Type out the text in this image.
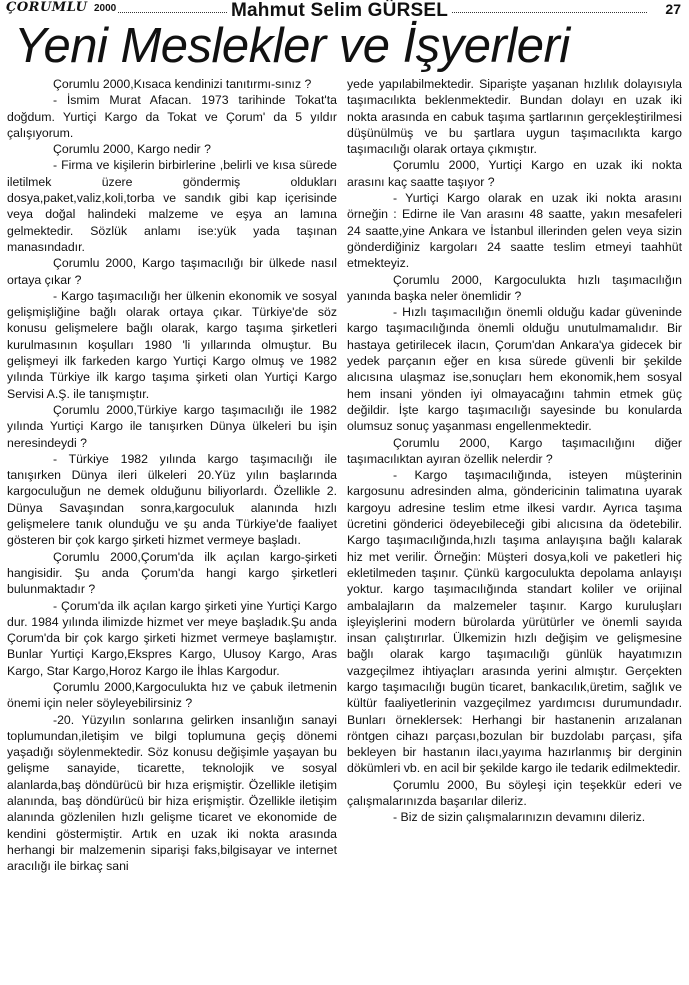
ÇORUMLU 2000	Mahmut Selim GÜRSEL	27
Yeni Meslekler ve İşyerleri

Çorumlu 2000,Kısaca kendinizi tanıtırmı-sınız ?

- İsmim Murat Afacan. 1973 tarihinde Tokat'ta doğdum. Yurtiçi Kargo da Tokat ve Çorum' da 5 yıldır çalışıyorum.

Çorumlu 2000, Kargo nedir ?

- Firma ve kişilerin birbirlerine ,belirli ve kısa sürede iletilmek üzere göndermiş oldukları dosya,paket,valiz,koli,torba ve sandık gibi kap içerisinde veya doğal halindeki malzeme ve eşya an lamına gelmektedir. Sözlük anlamı ise:yük yada taşınan manasındadır.

Çorumlu 2000, Kargo taşımacılığı bir ülkede nasıl ortaya çıkar ?

- Kargo taşımacılığı her ülkenin ekonomik ve sosyal gelişmişliğine bağlı olarak ortaya çıkar. Türkiye'de söz konusu gelişmelere bağlı olarak, kargo taşıma şirketleri kurulmasının koşulları 1980 'li yıllarında olmuştur. Bu gelişmeyi ilk farkeden kargo Yurtiçi Kargo olmuş ve 1982 yılında Türkiye ilk kargo taşıma şirketi olan Yurtiçi Kargo Servisi A.Ş. ile tanışmıştır.

Çorumlu 2000,Türkiye kargo taşımacılığı ile 1982 yılında Yurtiçi Kargo ile tanışırken Dünya ülkeleri bu işin neresindeydi ?

- Türkiye 1982 yılında kargo taşımacılığı ile tanışırken Dünya ileri ülkeleri 20.Yüz yılın başlarında kargoculuğun ne demek olduğunu biliyorlardı. Özellikle 2. Dünya Savaşından sonra,kargoculuk alanında hızlı gelişmelere tanık olunduğu ve şu anda Türkiye'de faaliyet gösteren bir çok kargo şirketi hizmet vermeye başladı.

Çorumlu 2000,Çorum'da ilk açılan kargo-şirketi hangisidir. Şu anda Çorum'da hangi kargo şirketleri bulunmaktadır ?

- Çorum'da ilk açılan kargo şirketi yine Yurtiçi Kargo dur. 1984 yılında ilimizde hizmet ver meye başladık.Şu anda Çorum'da bir çok kargo şirketi hizmet vermeye başlamıştır. Bunlar Yurtiçi Kargo,Ekspres Kargo, Ulusoy Kargo, Aras Kargo, Star Kargo,Horoz Kargo ile İhlas Kargodur.

Çorumlu 2000,Kargoculukta hız ve çabuk iletmenin önemi için neler söyleyebilirsiniz ?

-20. Yüzyılın sonlarına gelirken insanlığın sanayi toplumundan,iletişim ve bilgi toplumuna geçiş dönemi yaşadığı söylenmektedir. Söz konusu değişimle yaşayan bu gelişme sanayide, ticarette, teknolojik ve sosyal alanlarda,baş döndürücü bir hıza erişmiştir. Özellikle iletişim alanında, baş döndürücü bir hiza erişmiştir. Özellikle iletişim alanında gözlenilen hızlı gelişme ticaret ve ekonomide de kendini göstermiştir. Artık en uzak iki nokta arasında herhangi bir malzemenin siparişi faks,bilgisayar ve internet aracılığı ile birkaç sani

yede yapılabilmektedir. Siparişte yaşanan hızlılık dolayısıyla taşımacılıkta beklenmektedir. Bundan dolayı en uzak iki nokta arasında en cabuk taşıma şartlarının gerçekleştirilmesi düşünülmüş ve bu şartlara uygun taşımacılıkta kargo taşımacılığı olarak ortaya çıkmıştır.

Çorumlu 2000, Yurtiçi Kargo en uzak iki nokta arasını kaç saatte taşıyor ?

- Yurtiçi Kargo olarak en uzak iki nokta arasını örneğin : Edirne ile Van arasını 48 saatte, yakın mesafeleri 24 saatte,yine Ankara ve İstanbul illerinden gelen veya sizin gönderdiğiniz kargoları 24 saatte teslim etmeyi taahhüt etmekteyiz.

Çorumlu 2000, Kargoculukta hızlı taşımacılığın yanında başka neler önemlidir ?

- Hızlı taşımacılığın önemli olduğu kadar güveninde kargo taşımacılığında önemli olduğu unutulmamalıdır. Bir hastaya getirilecek ilacın, Çorum'dan Ankara'ya gidecek bir yedek parçanın eğer en kısa sürede güvenli bir şekilde alıcısına ulaşmaz ise,sonuçları hem ekonomik,hem sosyal hem insani yönden iyi olmayacağını tahmin etmek güç değildir. İşte kargo taşımacılığı sayesinde bu konularda olumsuz sonuç yaşanması engellenmektedir.

Çorumlu 2000, Kargo taşımacılığını diğer taşımacılıktan ayıran özellik nelerdir ?

- Kargo taşımacılığında, isteyen müşterinin kargosunu adresinden alma, göndericinin talimatına uyarak kargoyu adresine teslim etme ilkesi vardır. Ayrıca taşıma ücretini gönderici ödeyebileceği gibi alıcısına da ödetebilir. Kargo taşımacılığında,hızlı taşıma anlayışına bağlı kalarak hiz met verilir. Örneğin: Müşteri dosya,koli ve paketleri hiç ekletilmeden taşınır. Çünkü kargoculukta depolama anlayışı yoktur. kargo taşımacılığında standart koliler ve orijinal ambalajların da malzemeler taşınır. Kargo kuruluşları işleyişlerini modern bürolarda yürütürler ve önemli sayıda insan çalıştırırlar. Ülkemizin hızlı değişim ve gelişmesine bağlı olarak kargo taşımacılığı günlük hayatımızın vazgeçilmez ihtiyaçları arasında yerini almıştır. Gerçekten kargo taşımacılığı bugün ticaret, bankacılık,üretim, sağlık ve kültür faaliyetlerinin vazgeçilmez yardımcısı durumundadır. Bunları örneklersek: Herhangi bir hastanenin arızalanan röntgen cihazı parçası,bozulan bir buzdolabı parçası, şifa bekleyen bir hastanın ilacı,yayıma hazırlanmış bir derginin dökümleri vb. en acil bir şekilde kargo ile tedarik edilmektedir.

Çorumlu 2000, Bu söyleşi için teşekkür ederi ve çalışmalarınızda başarılar dileriz.

- Biz de sizin çalışmalarınızın devamını dileriz.
